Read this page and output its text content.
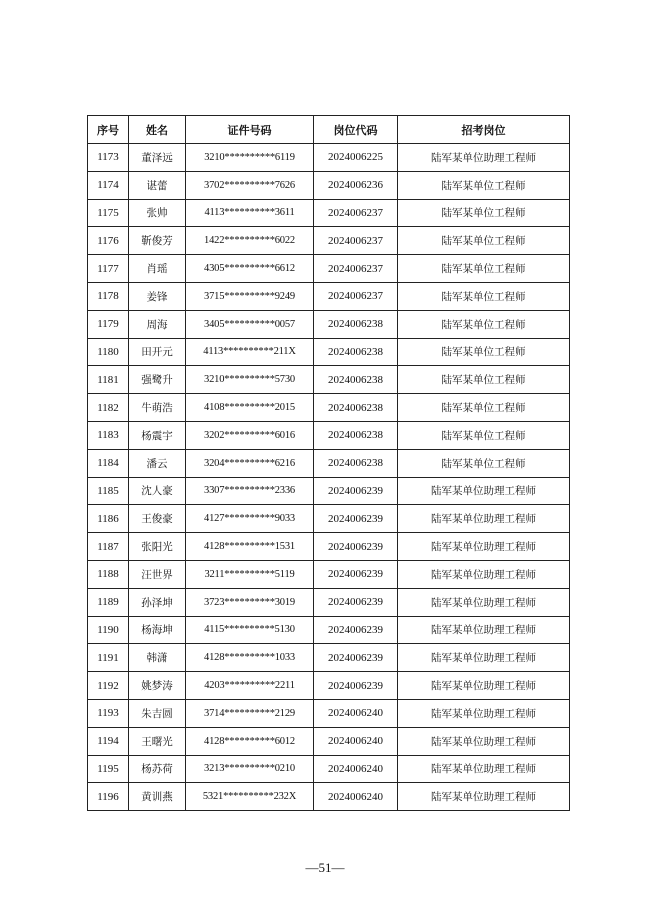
序号	姓名	证件号码	岗位代码	招考岗位
1173	董泽远	3210**********6119	2024006225	陆军某单位助理工程师
1174	谌蕾	3702**********7626	2024006236	陆军某单位工程师
1175	张帅	4113**********3611	2024006237	陆军某单位工程师
1176	靳俊芳	1422**********6022	2024006237	陆军某单位工程师
1177	肖瑶	4305**********6612	2024006237	陆军某单位工程师
1178	姜锋	3715**********9249	2024006237	陆军某单位工程师
1179	周海	3405**********0057	2024006238	陆军某单位工程师
1180	田开元	4113**********211X	2024006238	陆军某单位工程师
1181	强鹭升	3210**********5730	2024006238	陆军某单位工程师
1182	牛萌浩	4108**********2015	2024006238	陆军某单位工程师
1183	杨震宇	3202**********6016	2024006238	陆军某单位工程师
1184	潘云	3204**********6216	2024006238	陆军某单位工程师
1185	沈人豪	3307**********2336	2024006239	陆军某单位助理工程师
1186	王俊豪	4127**********9033	2024006239	陆军某单位助理工程师
1187	张阳光	4128**********1531	2024006239	陆军某单位助理工程师
1188	汪世界	3211**********5119	2024006239	陆军某单位助理工程师
1189	孙泽坤	3723**********3019	2024006239	陆军某单位助理工程师
1190	杨海坤	4115**********5130	2024006239	陆军某单位助理工程师
1191	韩潇	4128**********1033	2024006239	陆军某单位助理工程师
1192	姚梦涛	4203**********2211	2024006239	陆军某单位助理工程师
1193	朱吉圆	3714**********2129	2024006240	陆军某单位助理工程师
1194	王曙光	4128**********6012	2024006240	陆军某单位助理工程师
1195	杨苏荷	3213**********0210	2024006240	陆军某单位助理工程师
1196	黄训燕	5321**********232X	2024006240	陆军某单位助理工程师
—51—
